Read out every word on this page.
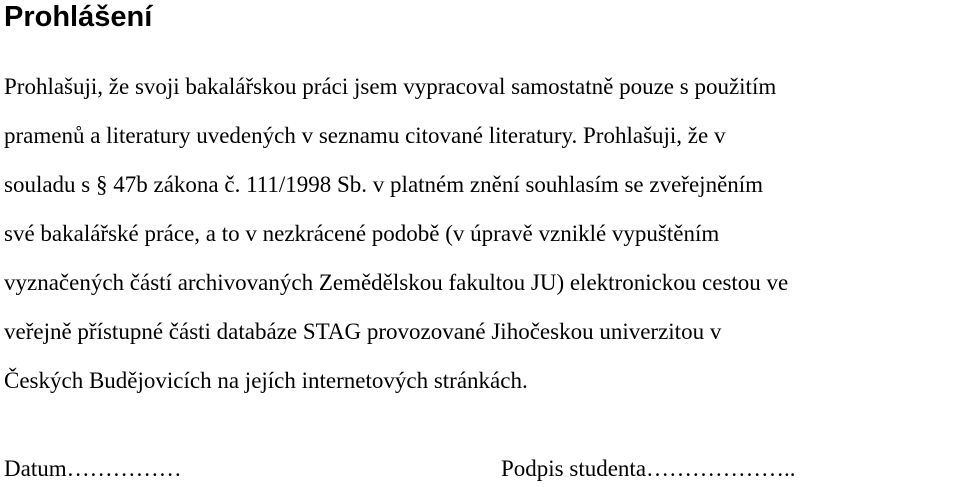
Prohlášení
Prohlašuji, že svoji bakalářskou práci jsem vypracoval samostatně pouze s použitím
pramenů a literatury uvedených v seznamu citované literatury. Prohlašuji, že v
souladu s § 47b zákona č. 111/1998 Sb. v platném znění souhlasím se zveřejněním
své bakalářské práce, a to v nezkrácené podobě (v úpravě vzniklé vypuštěním
vyznačených částí archivovaných Zemědělskou fakultou JU) elektronickou cestou ve
veřejně přístupné části databáze STAG provozované Jihočeskou univerzitou v
Českých Budějovicích na jejích internetových stránkách.
Datum……………	Podpis studenta………………..
